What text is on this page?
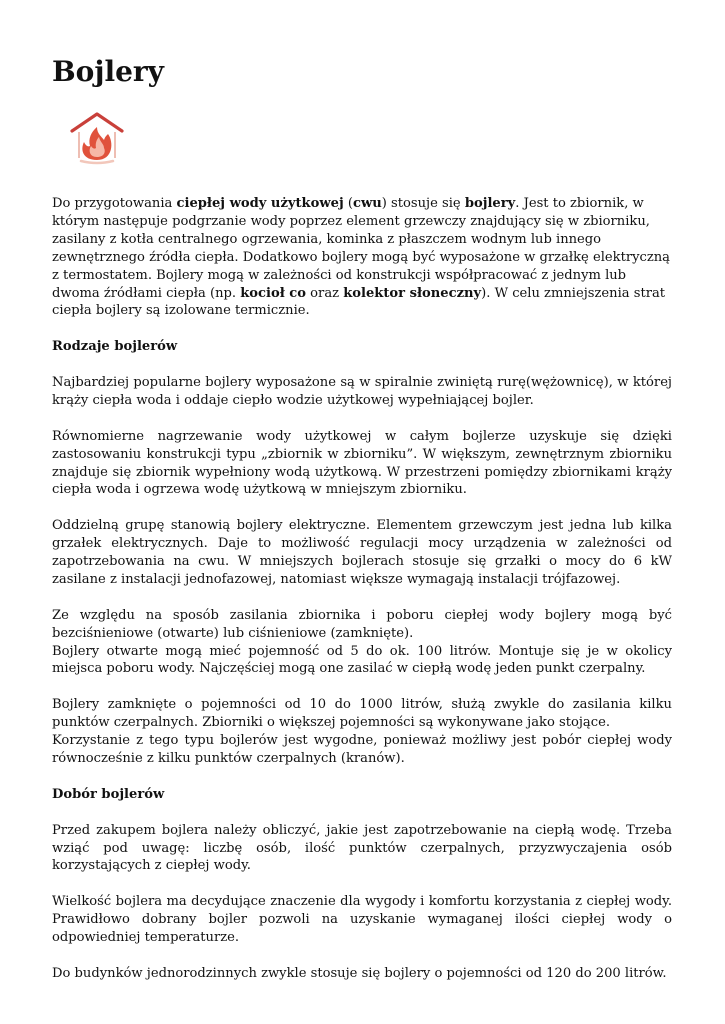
Bojlery

Do przygotowania ciepłej wody użytkowej (cwu) stosuje się bojlery. Jest to zbiornik, w którym następuje podgrzanie wody poprzez element grzewczy znajdujący się w zbiorniku, zasilany z kotła centralnego ogrzewania, kominka z płaszczem wodnym lub innego zewnętrznego źródła ciepła. Dodatkowo bojlery mogą być wyposażone w grzałkę elektryczną z termostatem. Bojlery mogą w zależności od konstrukcji współpracować z jednym lub dwoma źródłami ciepła (np. kocioł co oraz kolektor słoneczny). W celu zmniejszenia strat ciepła bojlery są izolowane termicznie.

Rodzaje bojlerów

Najbardziej popularne bojlery wyposażone są w spiralnie zwiniętą rurę(wężownicę), w której krąży ciepła woda i oddaje ciepło wodzie użytkowej wypełniającej bojler.

Równomierne nagrzewanie wody użytkowej w całym bojlerze uzyskuje się dzięki zastosowaniu konstrukcji typu „zbiornik w zbiorniku”. W większym, zewnętrznym zbiorniku znajduje się zbiornik wypełniony wodą użytkową. W przestrzeni pomiędzy zbiornikami krąży ciepła woda i ogrzewa wodę użytkową w mniejszym zbiorniku.

Oddzielną grupę stanowią bojlery elektryczne. Elementem grzewczym jest jedna lub kilka grzałek elektrycznych. Daje to możliwość regulacji mocy urządzenia w zależności od zapotrzebowania na cwu. W mniejszych bojlerach stosuje się grzałki o mocy do 6 kW zasilane z instalacji jednofazowej, natomiast większe wymagają instalacji trójfazowej.

Ze względu na sposób zasilania zbiornika i poboru ciepłej wody bojlery mogą być bezciśnieniowe (otwarte) lub ciśnieniowe (zamknięte).
Bojlery otwarte mogą mieć pojemność od 5 do ok. 100 litrów. Montuje się je w okolicy miejsca poboru wody. Najczęściej mogą one zasilać w ciepłą wodę jeden punkt czerpalny.

Bojlery zamknięte o pojemności od 10 do 1000 litrów, służą zwykle do zasilania kilku punktów czerpalnych. Zbiorniki o większej pojemności są wykonywane jako stojące.
Korzystanie z tego typu bojlerów jest wygodne, ponieważ możliwy jest pobór ciepłej wody równocześnie z kilku punktów czerpalnych (kranów).

Dobór bojlerów

Przed zakupem bojlera należy obliczyć, jakie jest zapotrzebowanie na ciepłą wodę. Trzeba wziąć pod uwagę: liczbę osób, ilość punktów czerpalnych, przyzwyczajenia osób korzystających z ciepłej wody.

Wielkość bojlera ma decydujące znaczenie dla wygody i komfortu korzystania z ciepłej wody. Prawidłowo dobrany bojler pozwoli na uzyskanie wymaganej ilości ciepłej wody o odpowiedniej temperaturze.

Do budynków jednorodzinnych zwykle stosuje się bojlery o pojemności od 120 do 200 litrów.
